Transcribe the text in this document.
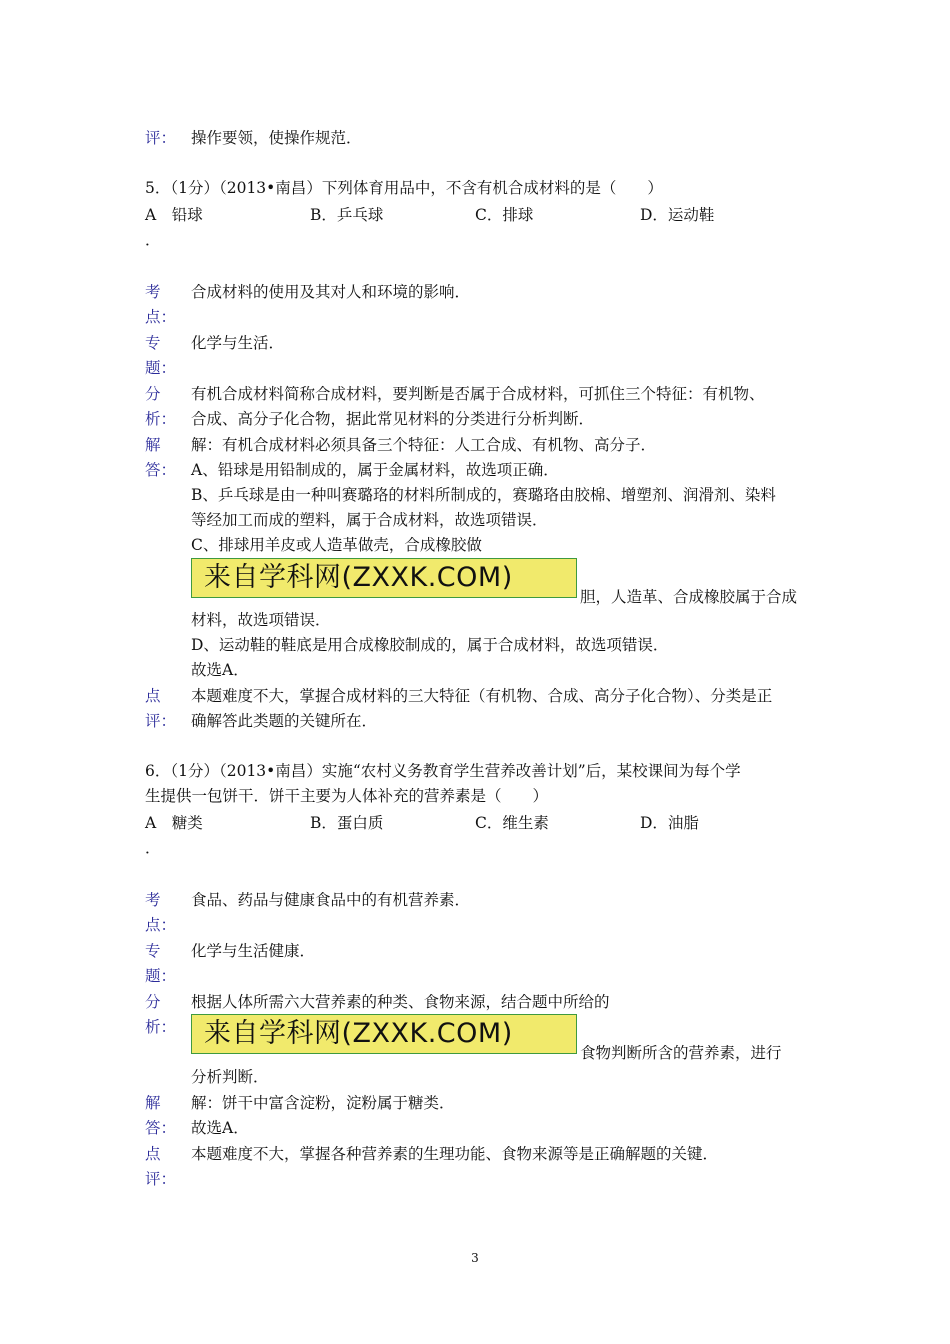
评： 操作要领，使操作规范．
5．（1分）（2013•南昌）下列体育用品中，不含有机合成材料的是（　　）
A　铅球	B．乒乓球	C．排球	D．运动鞋
．
考
点：
合成材料的使用及其对人和环境的影响．
专
题：
化学与生活．
分
析：
有机合成材料简称合成材料，要判断是否属于合成材料，可抓住三个特征：有机物、
合成、高分子化合物，据此常见材料的分类进行分析判断．
解
答：
解：有机合成材料必须具备三个特征：人工合成、有机物、高分子．
A、铅球是用铅制成的，属于金属材料，故选项正确．
B、乒乓球是由一种叫赛璐珞的材料所制成的，赛璐珞由胶棉、增塑剂、润滑剂、染料
等经加工而成的塑料，属于合成材料，故选项错误．
C、排球用羊皮或人造革做壳，合成橡胶做
来自学科网(ZXXK.COM)
胆，人造革、合成橡胶属于合成
材料，故选项错误．
D、运动鞋的鞋底是用合成橡胶制成的，属于合成材料，故选项错误．
故选A．
点
评：
本题难度不大，掌握合成材料的三大特征（有机物、合成、高分子化合物）、分类是正
确解答此类题的关键所在．
6．（1分）（2013•南昌）实施“农村义务教育学生营养改善计划”后，某校课间为每个学
生提供一包饼干．饼干主要为人体补充的营养素是（　　）
A　糖类	B．蛋白质	C．维生素	D．油脂
．
考
点：
食品、药品与健康食品中的有机营养素．
专
题：
化学与生活健康．
分
析：
根据人体所需六大营养素的种类、食物来源，结合题中所给的
来自学科网(ZXXK.COM)
食物判断所含的营养素，进行
分析判断．
解
答：
解：饼干中富含淀粉，淀粉属于糖类．
故选A．
点
评：
本题难度不大，掌握各种营养素的生理功能、食物来源等是正确解题的关键．
3
